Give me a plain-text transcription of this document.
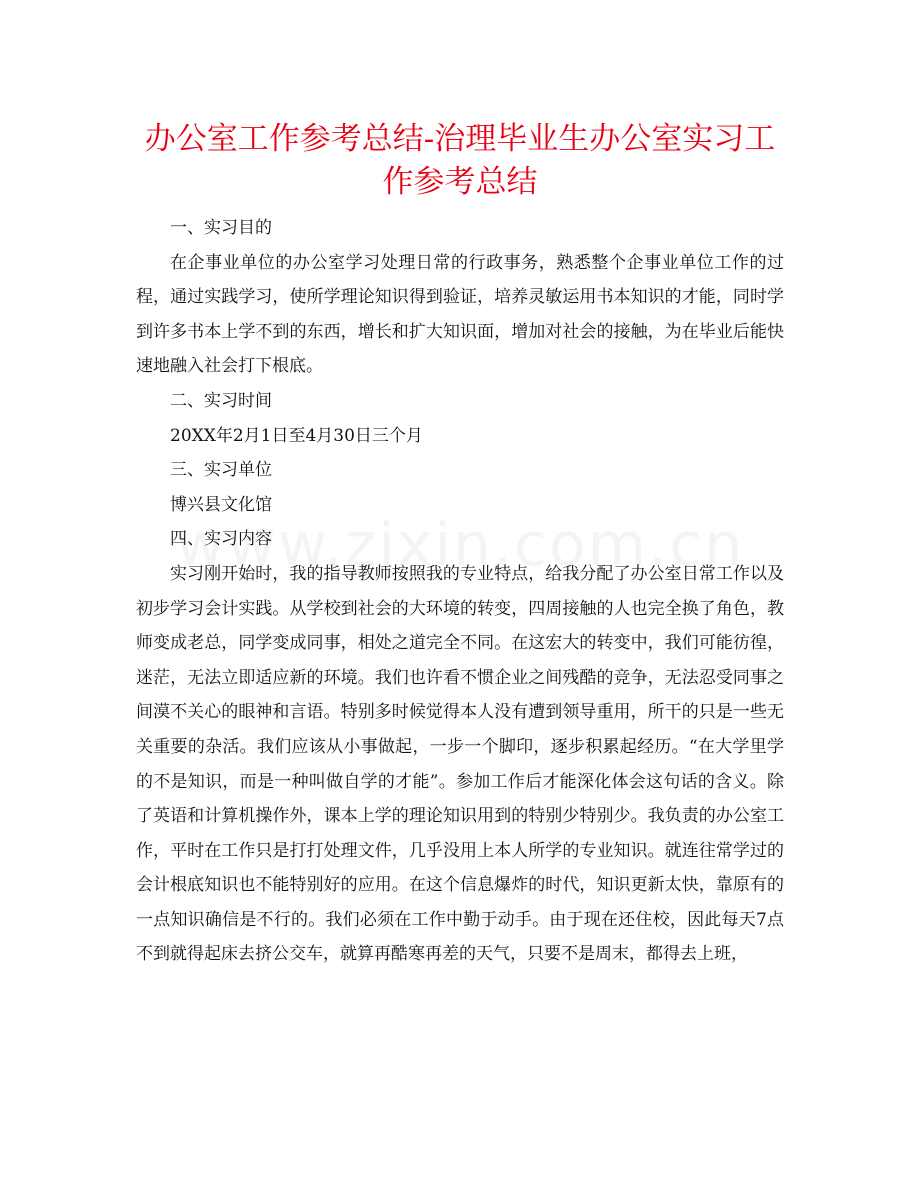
办公室工作参考总结-治理毕业生办公室实习工作参考总结

一、实习目的

在企事业单位的办公室学习处理日常的行政事务，熟悉整个企事业单位工作的过程，通过实践学习，使所学理论知识得到验证，培养灵敏运用书本知识的才能，同时学到许多书本上学不到的东西，增长和扩大知识面，增加对社会的接触，为在毕业后能快速地融入社会打下根底。

二、实习时间

20XX年2月1日至4月30日三个月

三、实习单位

博兴县文化馆

四、实习内容

实习刚开始时，我的指导教师按照我的专业特点，给我分配了办公室日常工作以及初步学习会计实践。从学校到社会的大环境的转变，四周接触的人也完全换了角色，教师变成老总，同学变成同事，相处之道完全不同。在这宏大的转变中，我们可能彷徨，迷茫，无法立即适应新的环境。我们也许看不惯企业之间残酷的竞争，无法忍受同事之间漠不关心的眼神和言语。特别多时候觉得本人没有遭到领导重用，所干的只是一些无关重要的杂活。我们应该从小事做起，一步一个脚印，逐步积累起经历。“在大学里学的不是知识，而是一种叫做自学的才能”。参加工作后才能深化体会这句话的含义。除了英语和计算机操作外，课本上学的理论知识用到的特别少特别少。我负责的办公室工作，平时在工作只是打打处理文件，几乎没用上本人所学的专业知识。就连往常学过的会计根底知识也不能特别好的应用。在这个信息爆炸的时代，知识更新太快，靠原有的一点知识确信是不行的。我们必须在工作中勤于动手。由于现在还住校，因此每天7点不到就得起床去挤公交车，就算再酷寒再差的天气，只要不是周末，都得去上班，
